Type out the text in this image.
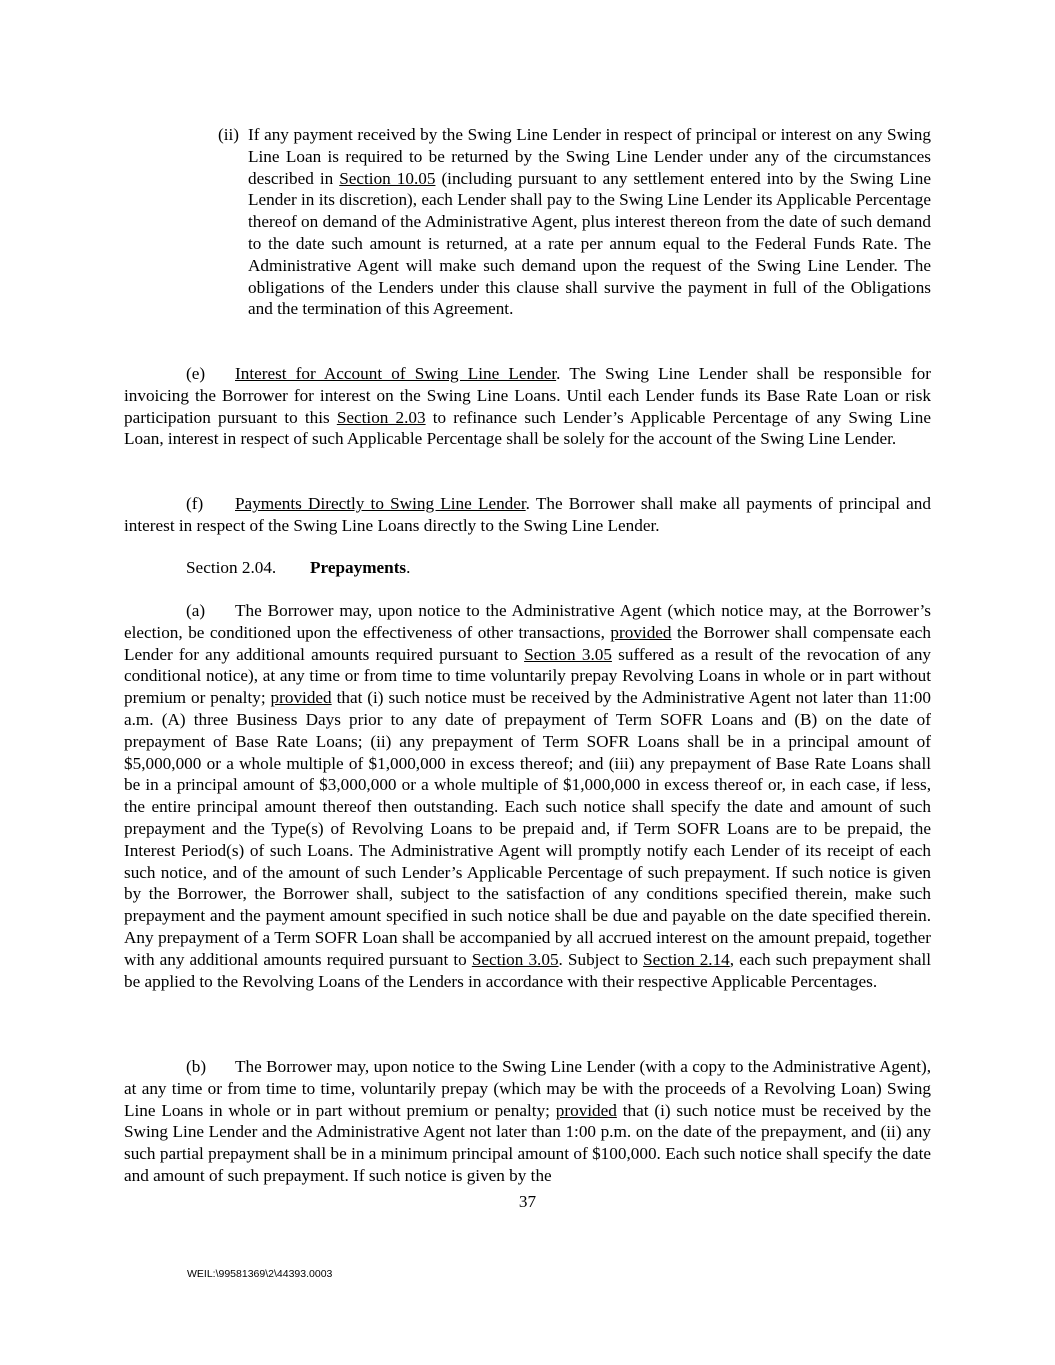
(ii) If any payment received by the Swing Line Lender in respect of principal or interest on any Swing Line Loan is required to be returned by the Swing Line Lender under any of the circumstances described in Section 10.05 (including pursuant to any settlement entered into by the Swing Line Lender in its discretion), each Lender shall pay to the Swing Line Lender its Applicable Percentage thereof on demand of the Administrative Agent, plus interest thereon from the date of such demand to the date such amount is returned, at a rate per annum equal to the Federal Funds Rate. The Administrative Agent will make such demand upon the request of the Swing Line Lender. The obligations of the Lenders under this clause shall survive the payment in full of the Obligations and the termination of this Agreement.

(e) Interest for Account of Swing Line Lender. The Swing Line Lender shall be responsible for invoicing the Borrower for interest on the Swing Line Loans. Until each Lender funds its Base Rate Loan or risk participation pursuant to this Section 2.03 to refinance such Lender’s Applicable Percentage of any Swing Line Loan, interest in respect of such Applicable Percentage shall be solely for the account of the Swing Line Lender.

(f) Payments Directly to Swing Line Lender. The Borrower shall make all payments of principal and interest in respect of the Swing Line Loans directly to the Swing Line Lender.

Section 2.04. Prepayments.

(a) The Borrower may, upon notice to the Administrative Agent (which notice may, at the Borrower’s election, be conditioned upon the effectiveness of other transactions, provided the Borrower shall compensate each Lender for any additional amounts required pursuant to Section 3.05 suffered as a result of the revocation of any conditional notice), at any time or from time to time voluntarily prepay Revolving Loans in whole or in part without premium or penalty; provided that (i) such notice must be received by the Administrative Agent not later than 11:00 a.m. (A) three Business Days prior to any date of prepayment of Term SOFR Loans and (B) on the date of prepayment of Base Rate Loans; (ii) any prepayment of Term SOFR Loans shall be in a principal amount of $5,000,000 or a whole multiple of $1,000,000 in excess thereof; and (iii) any prepayment of Base Rate Loans shall be in a principal amount of $3,000,000 or a whole multiple of $1,000,000 in excess thereof or, in each case, if less, the entire principal amount thereof then outstanding. Each such notice shall specify the date and amount of such prepayment and the Type(s) of Revolving Loans to be prepaid and, if Term SOFR Loans are to be prepaid, the Interest Period(s) of such Loans. The Administrative Agent will promptly notify each Lender of its receipt of each such notice, and of the amount of such Lender’s Applicable Percentage of such prepayment. If such notice is given by the Borrower, the Borrower shall, subject to the satisfaction of any conditions specified therein, make such prepayment and the payment amount specified in such notice shall be due and payable on the date specified therein. Any prepayment of a Term SOFR Loan shall be accompanied by all accrued interest on the amount prepaid, together with any additional amounts required pursuant to Section 3.05. Subject to Section 2.14, each such prepayment shall be applied to the Revolving Loans of the Lenders in accordance with their respective Applicable Percentages.

(b) The Borrower may, upon notice to the Swing Line Lender (with a copy to the Administrative Agent), at any time or from time to time, voluntarily prepay (which may be with the proceeds of a Revolving Loan) Swing Line Loans in whole or in part without premium or penalty; provided that (i) such notice must be received by the Swing Line Lender and the Administrative Agent not later than 1:00 p.m. on the date of the prepayment, and (ii) any such partial prepayment shall be in a minimum principal amount of $100,000. Each such notice shall specify the date and amount of such prepayment. If such notice is given by the

37
WEIL:\99581369\2\44393.0003
